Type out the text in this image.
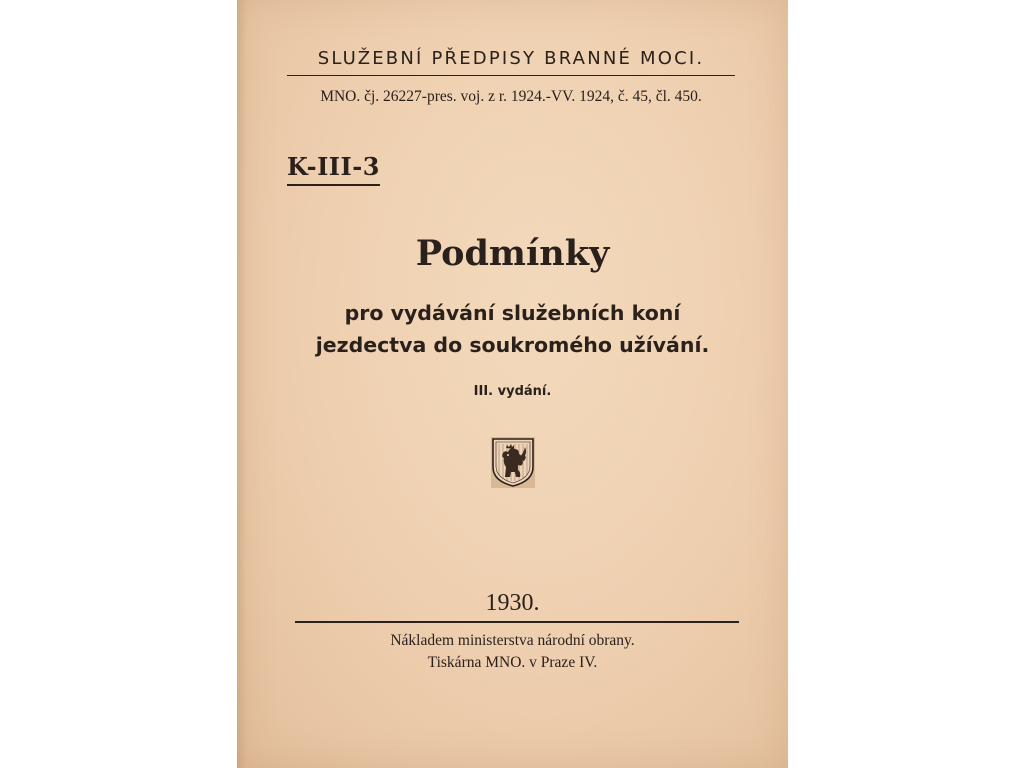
SLUŽEBNÍ PŘEDPISY BRANNÉ MOCI.
MNO. čj. 26227-pres. voj. z r. 1924.-VV. 1924, č. 45, čl. 450.
K-III-3
Podmínky
pro vydávání služebních koní
jezdectva do soukromého užívání.
III. vydání.
1930.
Nákladem ministerstva národní obrany.
Tiskárna MNO. v Praze IV.
